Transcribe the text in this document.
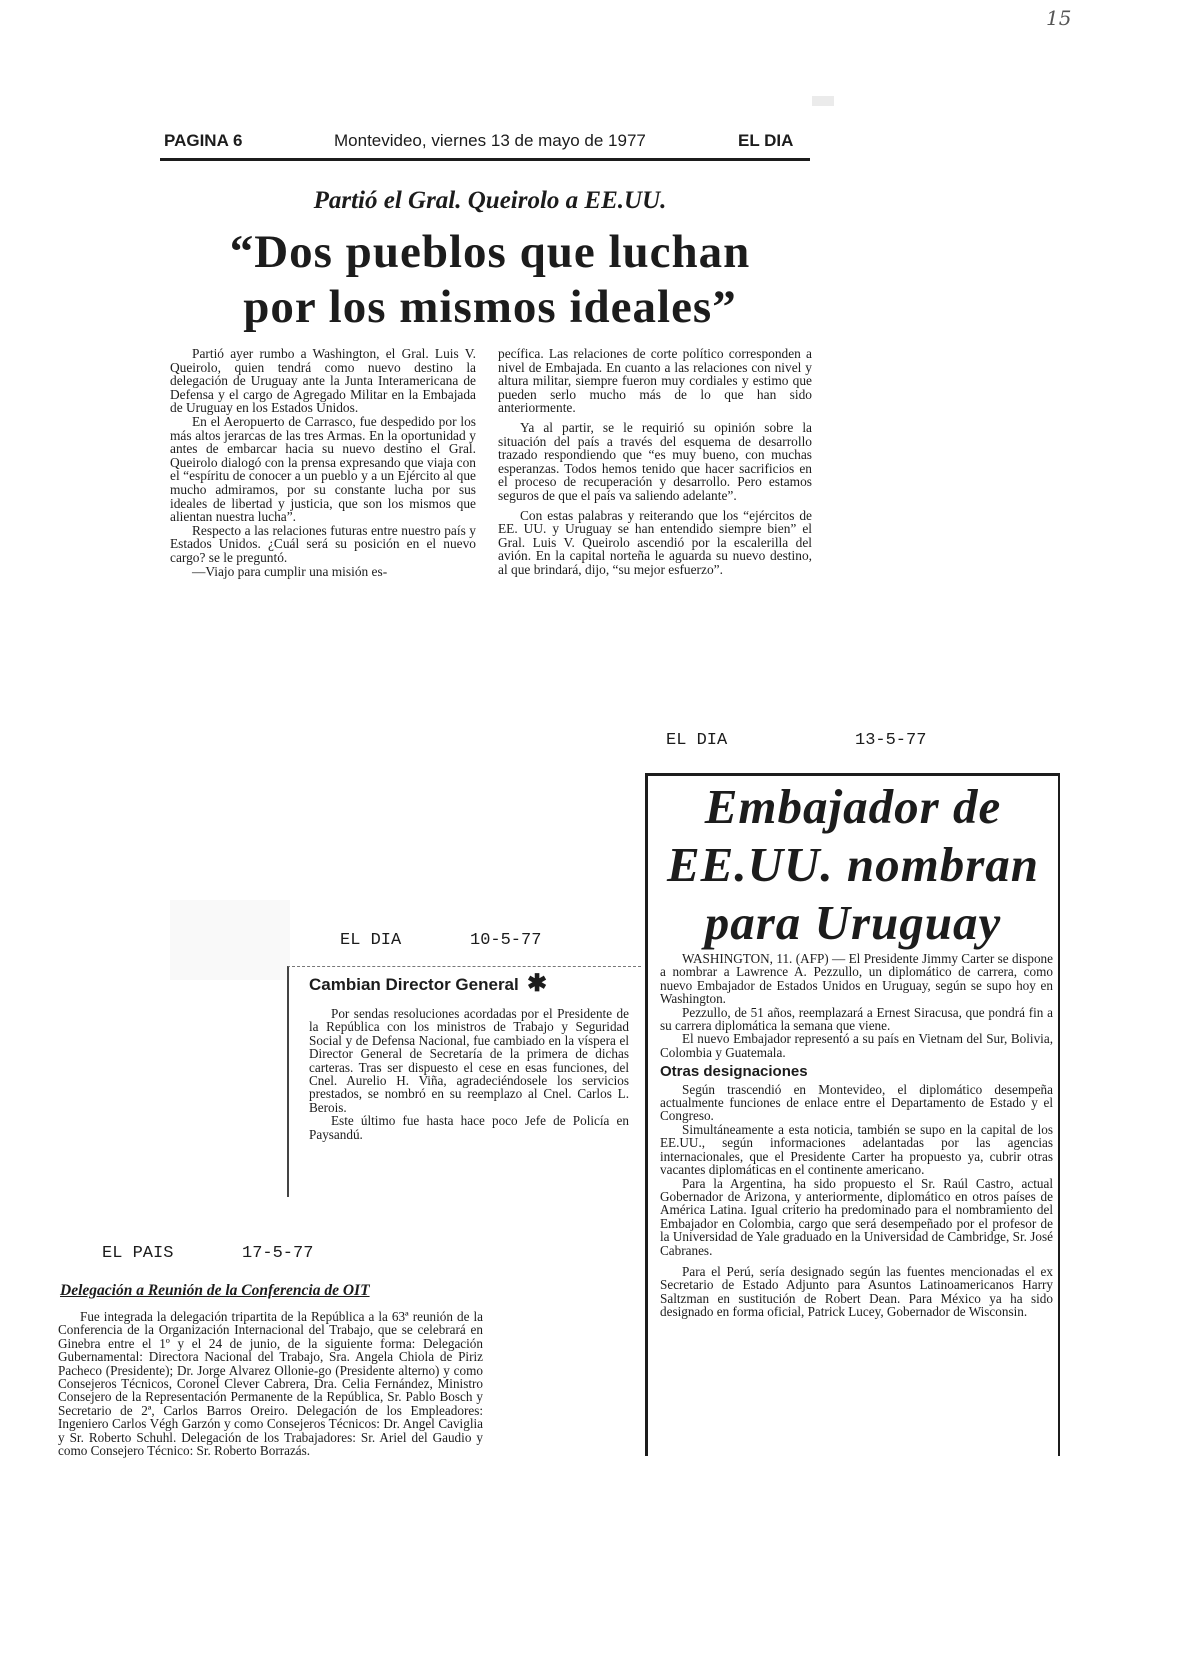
15
PAGINA 6	Montevideo, viernes 13 de mayo de 1977	EL DIA
Partió el Gral. Queirolo a EE.UU.
“Dos pueblos que luchan
por los mismos ideales”

Partió ayer rumbo a Washington, el Gral. Luis V. Queirolo, quien tendrá como nuevo destino la delegación de Uruguay ante la Junta Interamericana de Defensa y el cargo de Agregado Militar en la Embajada de Uruguay en los Estados Unidos.

En el Aeropuerto de Carrasco, fue despedido por los más altos jerarcas de las tres Armas. En la oportunidad y antes de embarcar hacia su nuevo destino el Gral. Queirolo dialogó con la prensa expresando que viaja con el “espíritu de conocer a un pueblo y a un Ejército al que mucho admiramos, por su constante lucha por sus ideales de libertad y justicia, que son los mismos que alientan nuestra lucha”.

Respecto a las relaciones futuras entre nuestro país y Estados Unidos. ¿Cuál será su posición en el nuevo cargo? se le preguntó.

—Viajo para cumplir una misión es-

pecífica. Las relaciones de corte político corresponden a nivel de Embajada. En cuanto a las relaciones con nivel y altura militar, siempre fueron muy cordiales y estimo que pueden serlo mucho más de lo que han sido anteriormente.

Ya al partir, se le requirió su opinión sobre la situación del país a través del esquema de desarrollo trazado respondiendo que “es muy bueno, con muchas esperanzas. Todos hemos tenido que hacer sacrificios en el proceso de recuperación y desarrollo. Pero estamos seguros de que el país va saliendo adelante”.

Con estas palabras y reiterando que los “ejércitos de EE. UU. y Uruguay se han entendido siempre bien” el Gral. Luis V. Queirolo ascendió por la escalerilla del avión. En la capital norteña le aguarda su nuevo destino, al que brindará, dijo, “su mejor esfuerzo”.

EL DIA	13-5-77
Embajador de
EE.UU. nombran
para Uruguay

WASHINGTON, 11. (AFP) — El Presidente Jimmy Carter se dispone a nombrar a Lawrence A. Pezzullo, un diplomático de carrera, como nuevo Embajador de Estados Unidos en Uruguay, según se supo hoy en Washington.

Pezzullo, de 51 años, reemplazará a Ernest Siracusa, que pondrá fin a su carrera diplomática la semana que viene.

El nuevo Embajador representó a su país en Vietnam del Sur, Bolivia, Colombia y Guatemala.

Otras designaciones

Según trascendió en Montevideo, el diplomático desempeña actualmente funciones de enlace entre el Departamento de Estado y el Congreso.

Simultáneamente a esta noticia, también se supo en la capital de los EE.UU., según informaciones adelantadas por las agencias internacionales, que el Presidente Carter ha propuesto ya, cubrir otras vacantes diplomáticas en el continente americano.

Para la Argentina, ha sido propuesto el Sr. Raúl Castro, actual Gobernador de Arizona, y anteriormente, diplomático en otros países de América Latina. Igual criterio ha predominado para el nombramiento del Embajador en Colombia, cargo que será desempeñado por el profesor de la Universidad de Yale graduado en la Universidad de Cambridge, Sr. José Cabranes.

Para el Perú, sería designado según las fuentes mencionadas el ex Secretario de Estado Adjunto para Asuntos Latinoamericanos Harry Saltzman en sustitución de Robert Dean. Para México ya ha sido designado en forma oficial, Patrick Lucey, Gobernador de Wisconsin.

EL DIA	10-5-77
Cambian Director General ✱

Por sendas resoluciones acordadas por el Presidente de la República con los ministros de Trabajo y Seguridad Social y de Defensa Nacional, fue cambiado en la víspera el Director General de Secretaría de la primera de dichas carteras. Tras ser dispuesto el cese en esas funciones, del Cnel. Aurelio H. Viña, agradeciéndosele los servicios prestados, se nombró en su reemplazo al Cnel. Carlos L. Berois.

Este último fue hasta hace poco Jefe de Policía en Paysandú.

EL PAIS	17-5-77
Delegación a Reunión de la Conferencia de OIT

Fue integrada la delegación tripartita de la República a la 63ª reunión de la Conferencia de la Organización Internacional del Trabajo, que se celebrará en Ginebra entre el 1º y el 24 de junio, de la siguiente forma: Delegación Gubernamental: Directora Nacional del Trabajo, Sra. Angela Chiola de Piriz Pacheco (Presidente); Dr. Jorge Alvarez Ollonie-go (Presidente alterno) y como Consejeros Técnicos, Coronel Clever Cabrera, Dra. Celia Fernández, Ministro Consejero de la Representación Permanente de la República, Sr. Pablo Bosch y Secretario de 2ª, Carlos Barros Oreiro. Delegación de los Empleadores: Ingeniero Carlos Végh Garzón y como Consejeros Técnicos: Dr. Angel Caviglia y Sr. Roberto Schuhl. Delegación de los Trabajadores: Sr. Ariel del Gaudio y como Consejero Técnico: Sr. Roberto Borrazás.
